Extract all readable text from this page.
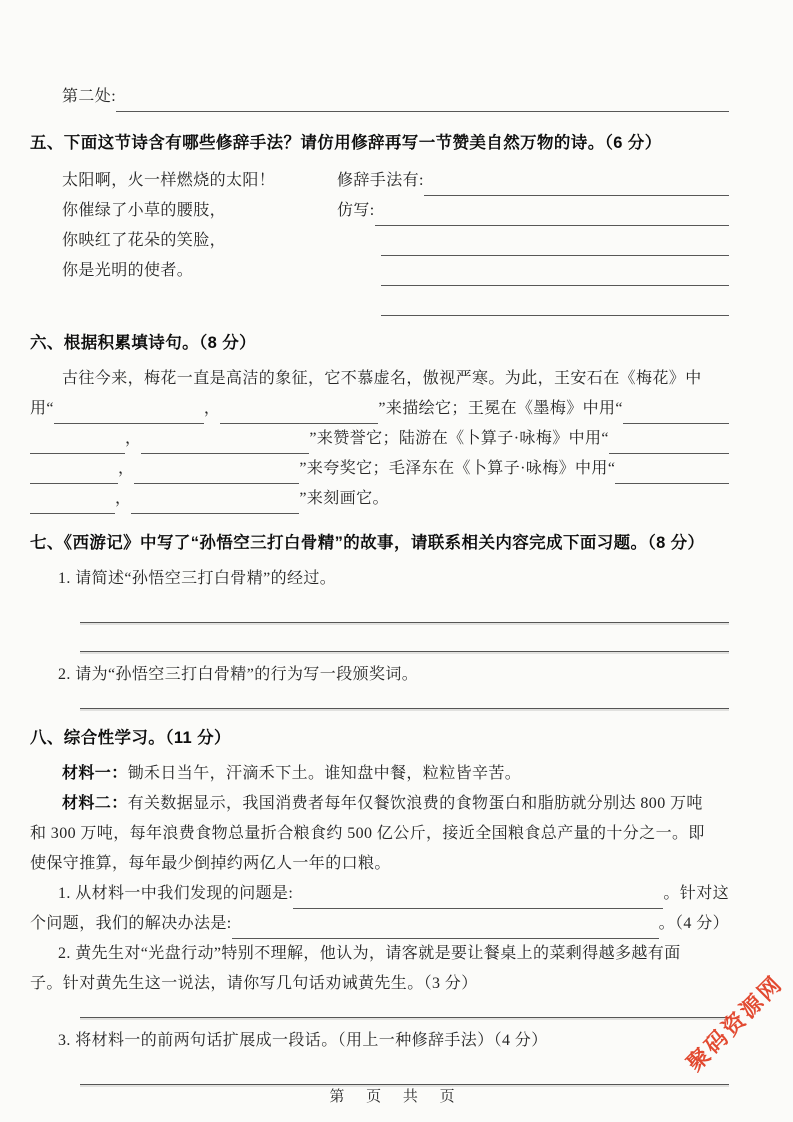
第二处:
五、下面这节诗含有哪些修辞手法？请仿用修辞再写一节赞美自然万物的诗。（6 分）
太阳啊，火一样燃烧的太阳！
你催绿了小草的腰肢，
你映红了花朵的笑脸，
你是光明的使者。
修辞手法有:
仿写:
六、根据积累填诗句。（8 分）
古往今来，梅花一直是高洁的象征，它不慕虚名，傲视严寒。为此，王安石在《梅花》中
用“	，	”来描绘它；王冕在《墨梅》中用“
，	”来赞誉它；陆游在《卜算子·咏梅》中用“
，	”来夸奖它；毛泽东在《卜算子·咏梅》中用“
，	”来刻画它。
七、《西游记》中写了“孙悟空三打白骨精”的故事，请联系相关内容完成下面习题。（8 分）
1. 请简述“孙悟空三打白骨精”的经过。
2. 请为“孙悟空三打白骨精”的行为写一段颁奖词。
八、综合性学习。（11 分）
材料一：锄禾日当午，汗滴禾下土。谁知盘中餐，粒粒皆辛苦。
材料二：有关数据显示，我国消费者每年仅餐饮浪费的食物蛋白和脂肪就分别达 800 万吨
和 300 万吨，每年浪费食物总量折合粮食约 500 亿公斤，接近全国粮食总产量的十分之一。即
使保守推算，每年最少倒掉约两亿人一年的口粮。
1. 从材料一中我们发现的问题是:	。针对这
个问题，我们的解决办法是:	。（4 分）
2. 黄先生对“光盘行动”特别不理解，他认为，请客就是要让餐桌上的菜剩得越多越有面
子。针对黄先生这一说法，请你写几句话劝诫黄先生。（3 分）
3. 将材料一的前两句话扩展成一段话。（用上一种修辞手法）（4 分）
第 页 共 页
聚码资源网
